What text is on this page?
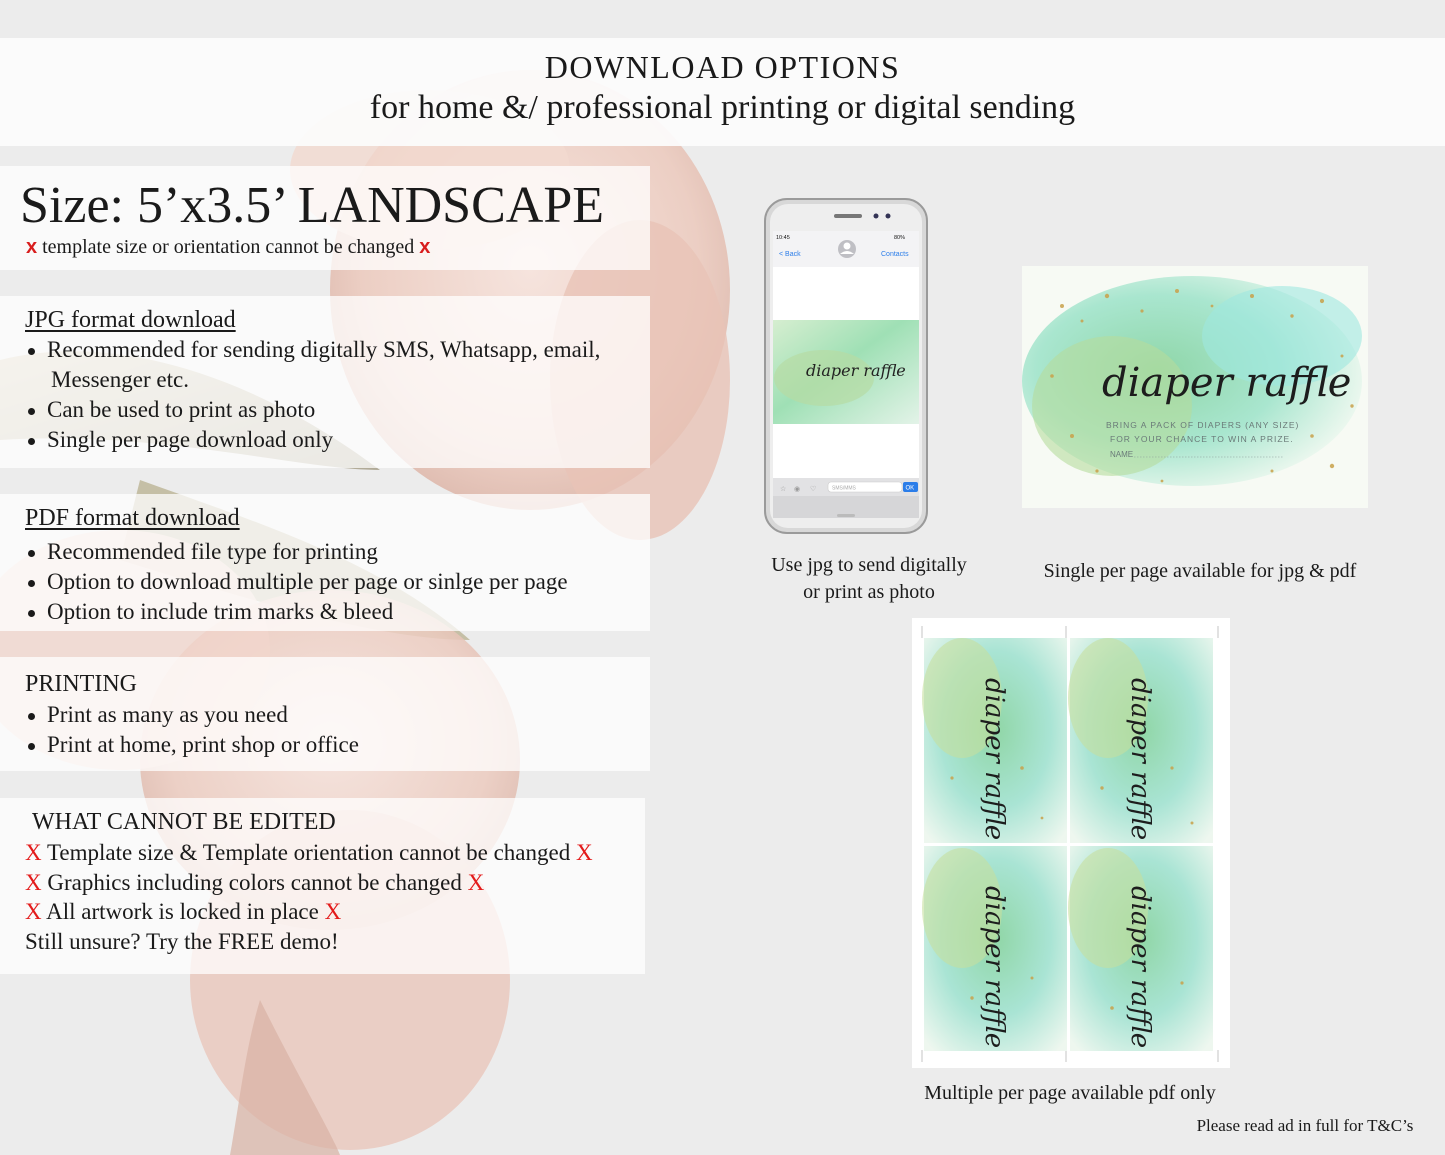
DOWNLOAD OPTIONS
for home &/ professional printing or digital sending
Size: 5’x3.5’ LANDSCAPE
x template size or orientation cannot be changed x
JPG format download
Recommended for sending digitally SMS, Whatsapp, email,
Messenger etc.
Can be used to print as photo
Single per page download only
PDF format download
Recommended file type for printing
Option to download multiple per page or sinlge per page
Option to include trim marks & bleed
PRINTING
Print as many as you need
Print at home, print shop or office
WHAT CANNOT BE EDITED
X Template size & Template orientation cannot be changed X
X Graphics including colors cannot be changed X
X All artwork is locked in place X
Still unsure? Try the FREE demo!
10:45	80%
< Back	Contacts
diaper raffle
☆ ◉ ♡	SMS/MMS	OK
diaper raffle
BRING A PACK OF DIAPERS (ANY SIZE)
FOR YOUR CHANCE TO WIN A PRIZE.
NAME
diaper raffle	diaper raffle
diaper raffle	diaper raffle
Use jpg to send digitally
or print as photo
Single per page available for jpg & pdf
Multiple per page available pdf only
Please read ad in full for T&C’s
